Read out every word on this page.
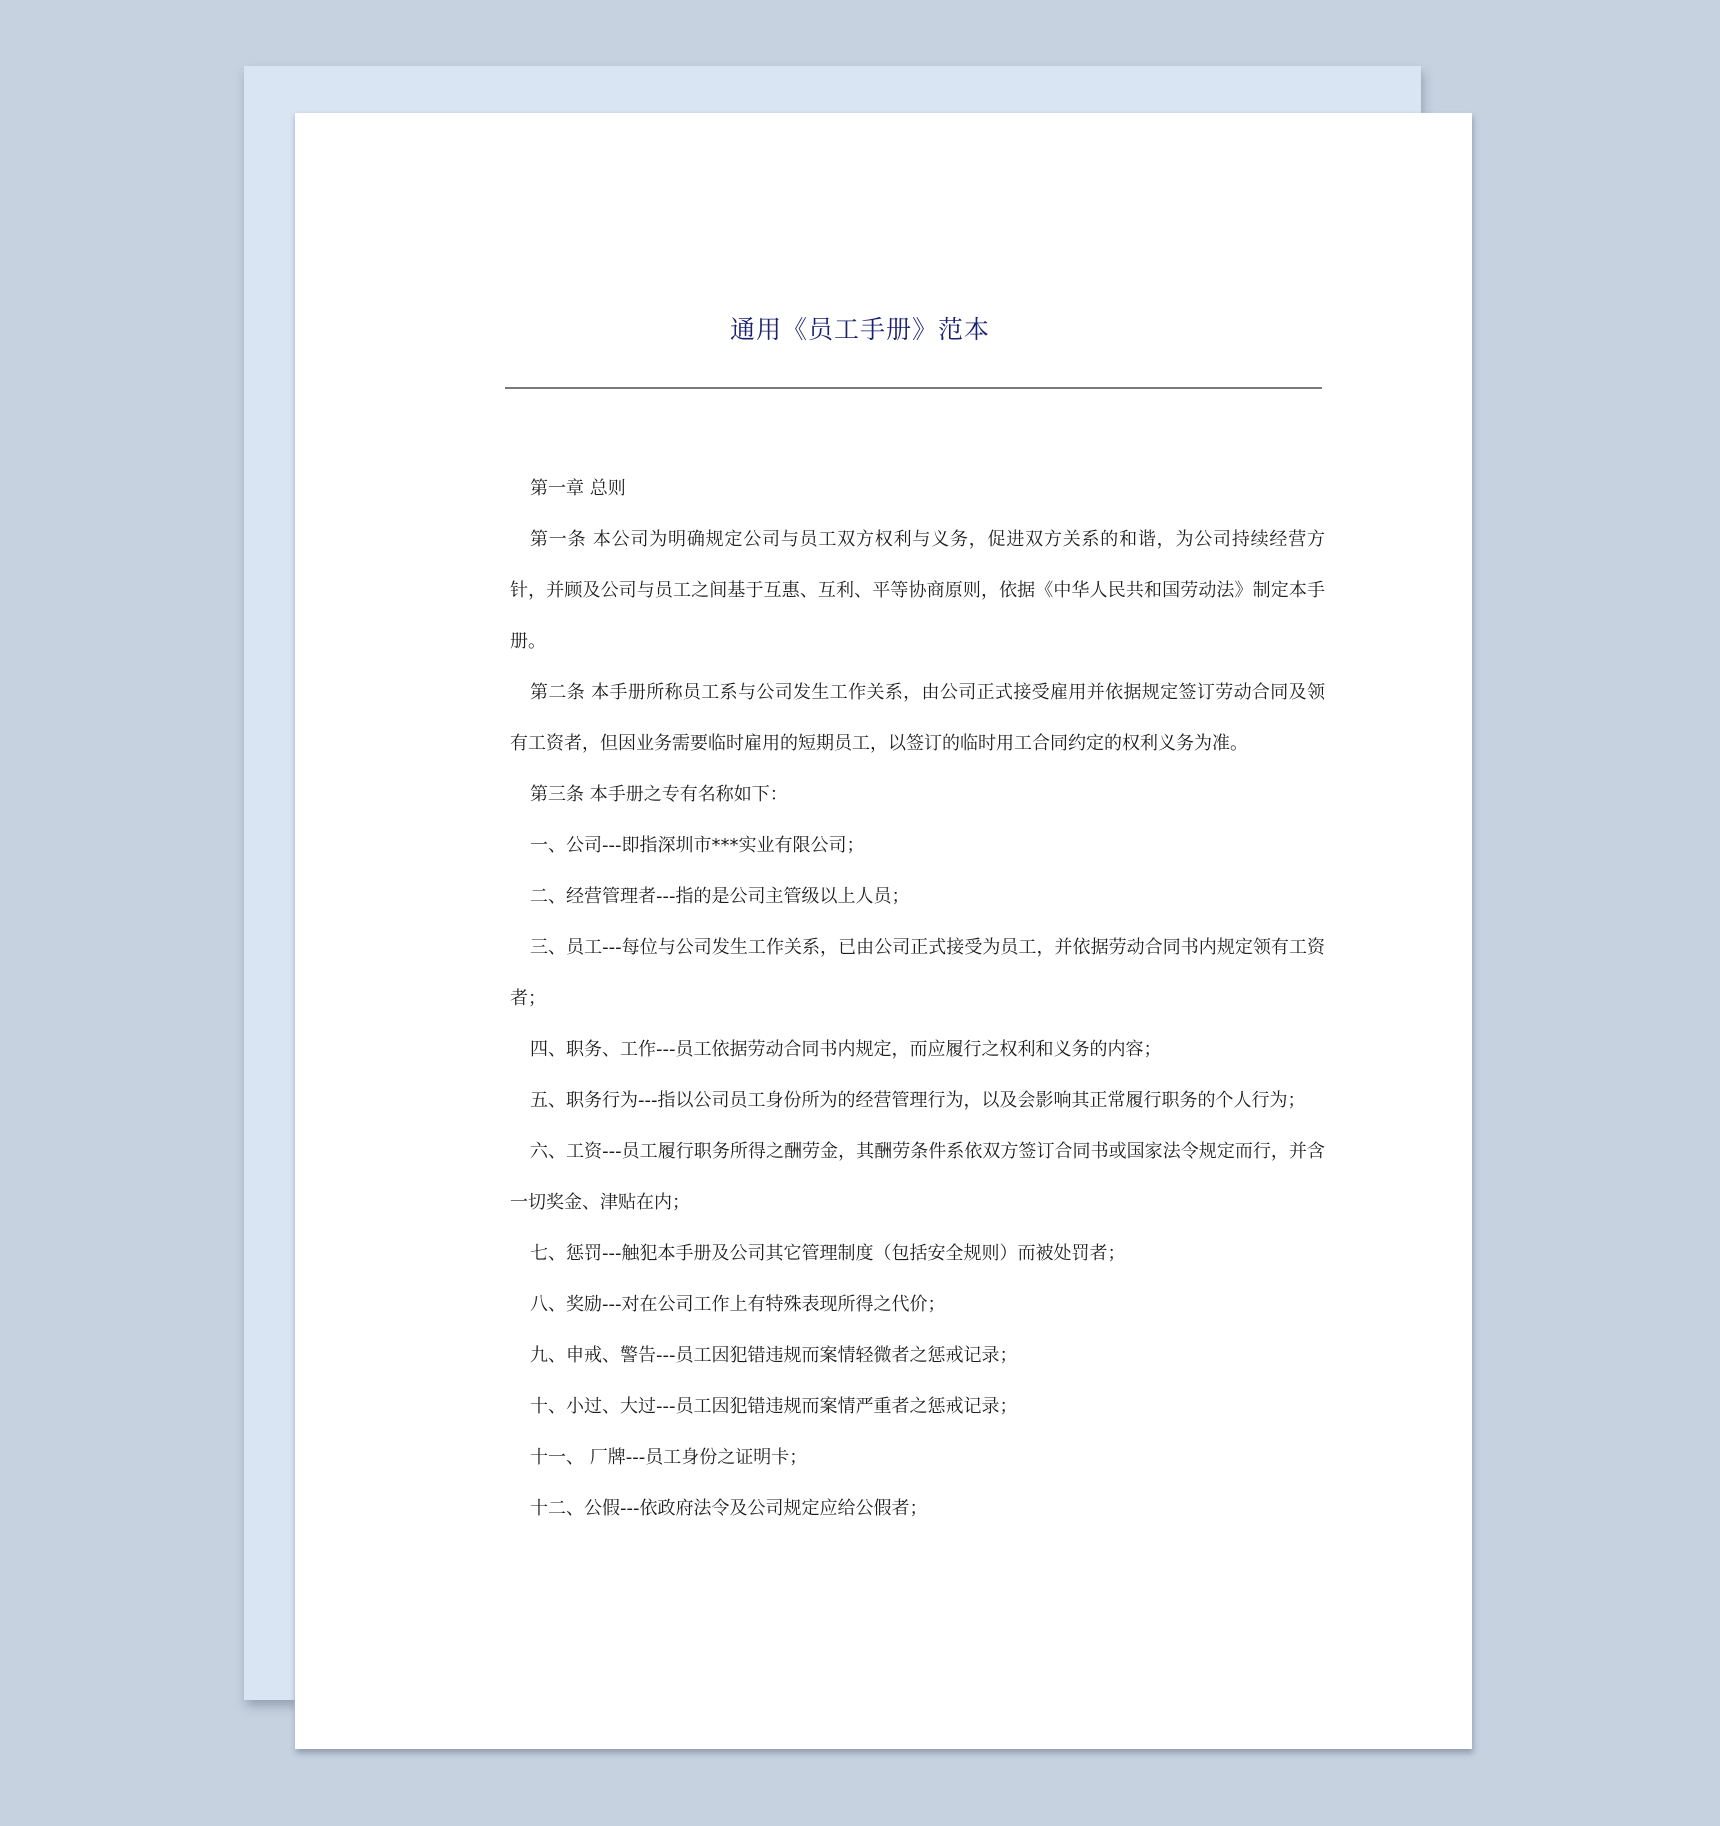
通用《员工手册》范本

第一章 总则

第一条 本公司为明确规定公司与员工双方权利与义务，促进双方关系的和谐，为公司持续经营方针，并顾及公司与员工之间基于互惠、互利、平等协商原则，依据《中华人民共和国劳动法》制定本手册。

第二条 本手册所称员工系与公司发生工作关系，由公司正式接受雇用并依据规定签订劳动合同及领有工资者，但因业务需要临时雇用的短期员工，以签订的临时用工合同约定的权利义务为准。

第三条 本手册之专有名称如下：

一、公司---即指深圳市***实业有限公司；

二、经营管理者---指的是公司主管级以上人员；

三、员工---每位与公司发生工作关系，已由公司正式接受为员工，并依据劳动合同书内规定领有工资者；

四、职务、工作---员工依据劳动合同书内规定，而应履行之权利和义务的内容；

五、职务行为---指以公司员工身份所为的经营管理行为，以及会影响其正常履行职务的个人行为；

六、工资---员工履行职务所得之酬劳金，其酬劳条件系依双方签订合同书或国家法令规定而行，并含一切奖金、津贴在内；

七、惩罚---触犯本手册及公司其它管理制度（包括安全规则）而被处罚者；

八、奖励---对在公司工作上有特殊表现所得之代价；

九、申戒、警告---员工因犯错违规而案情轻微者之惩戒记录；

十、小过、大过---员工因犯错违规而案情严重者之惩戒记录；

十一、 厂牌---员工身份之证明卡；

十二、公假---依政府法令及公司规定应给公假者；
